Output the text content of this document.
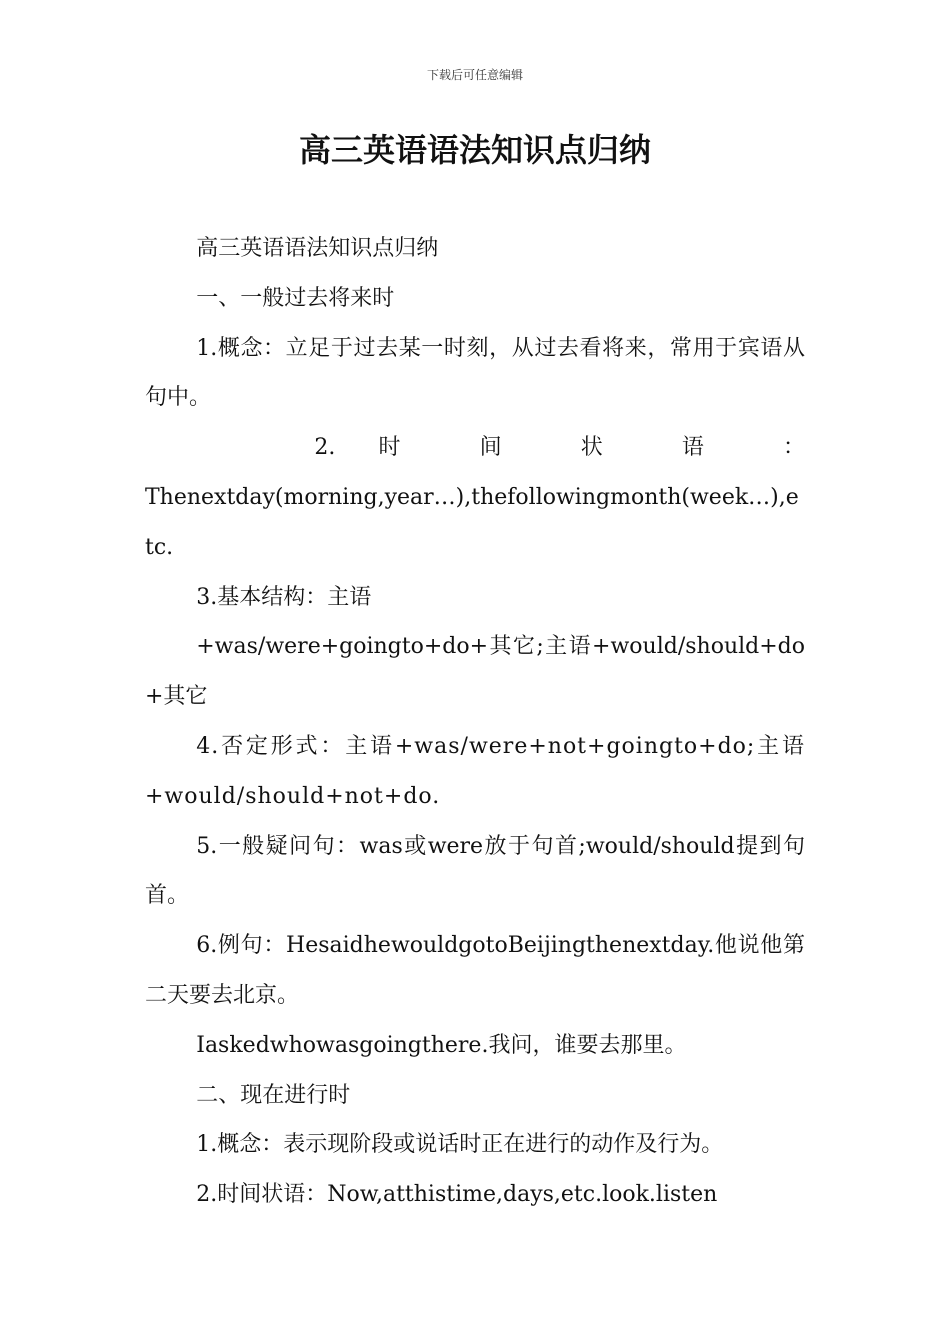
下载后可任意编辑
高三英语语法知识点归纳

高三英语语法知识点归纳

一、一般过去将来时

1.概念：立足于过去某一时刻，从过去看将来，常用于宾语从句中。

2. 时 间 状 语 ：

Thenextday(morning,year…),thefollowingmonth(week…),etc.

3.基本结构：主语

+was/were+goingto+do+其它;主语+would/should+do+其它

4.否定形式：主语+was/were+not+goingto+do;主语+would/should+not+do.

5.一般疑问句：was或were放于句首;would/should提到句首。

6.例句：HesaidhewouldgotoBeijingthenextday.他说他第二天要去北京。

Iaskedwhowasgoingthere.我问，谁要去那里。

二、现在进行时

1.概念：表示现阶段或说话时正在进行的动作及行为。

2.时间状语：Now,atthistime,days,etc.look.listen
